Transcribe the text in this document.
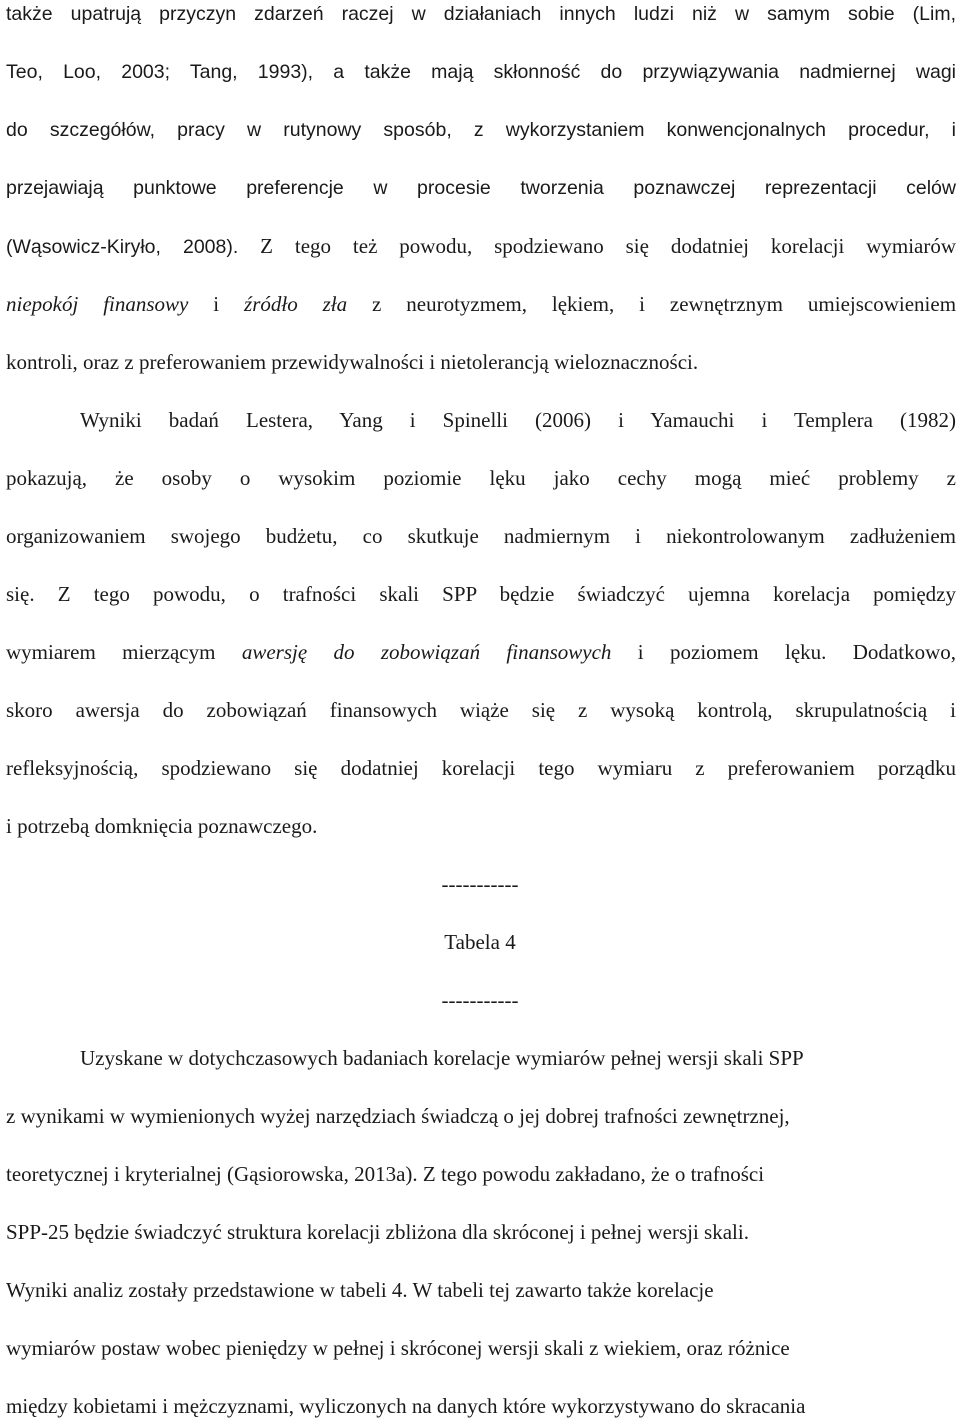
także upatrują przyczyn zdarzeń raczej w działaniach innych ludzi niż w samym sobie (Lim,
Teo, Loo, 2003; Tang, 1993), a także mają skłonność do przywiązywania nadmiernej wagi
do szczegółów, pracy w rutynowy sposób, z wykorzystaniem konwencjonalnych procedur, i
przejawiają punktowe preferencje w procesie tworzenia poznawczej reprezentacji celów
(Wąsowicz-Kiryło, 2008). Z tego też powodu, spodziewano się dodatniej korelacji wymiarów
niepokój finansowy i źródło zła z neurotyzmem, lękiem, i zewnętrznym umiejscowieniem
kontroli, oraz z preferowaniem przewidywalności i nietolerancją wieloznaczności.
Wyniki badań Lestera, Yang i Spinelli (2006) i Yamauchi i Templera (1982)
pokazują, że osoby o wysokim poziomie lęku jako cechy mogą mieć problemy z
organizowaniem swojego budżetu, co skutkuje nadmiernym i niekontrolowanym zadłużeniem
się. Z tego powodu, o trafności skali SPP będzie świadczyć ujemna korelacja pomiędzy
wymiarem mierzącym awersję do zobowiązań finansowych i poziomem lęku. Dodatkowo,
skoro awersja do zobowiązań finansowych wiąże się z wysoką kontrolą, skrupulatnością i
refleksyjnością, spodziewano się dodatniej korelacji tego wymiaru z preferowaniem porządku
i potrzebą domknięcia poznawczego.
-----------
Tabela 4
-----------
Uzyskane w dotychczasowych badaniach korelacje wymiarów pełnej wersji skali SPP
z wynikami w wymienionych wyżej narzędziach świadczą o jej dobrej trafności zewnętrznej,
teoretycznej i kryterialnej (Gąsiorowska, 2013a). Z tego powodu zakładano, że o trafności
SPP-25 będzie świadczyć struktura korelacji zbliżona dla skróconej i pełnej wersji skali.
Wyniki analiz zostały przedstawione w tabeli 4. W tabeli tej zawarto także korelacje
wymiarów postaw wobec pieniędzy w pełnej i skróconej wersji skali z wiekiem, oraz różnice
między kobietami i mężczyznami, wyliczonych na danych które wykorzystywano do skracania
